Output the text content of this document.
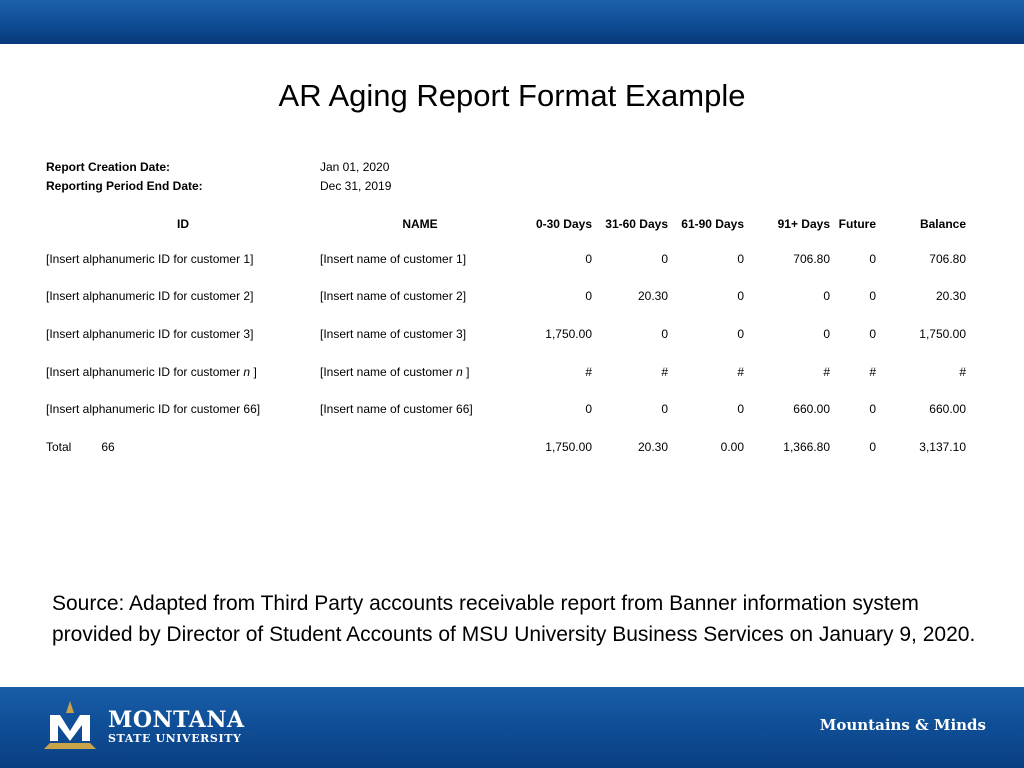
AR Aging Report Format Example
Report Creation Date:	Jan 01, 2020
Reporting Period End Date:	Dec 31, 2019
ID	NAME	0-30 Days	31-60 Days	61-90 Days	91+ Days	Future	Balance
[Insert alphanumeric ID for customer 1]	[Insert name of customer 1]	0	0	0	706.80	0	706.80
[Insert alphanumeric ID for customer 2]	[Insert name of customer 2]	0	20.30	0	0	0	20.30
[Insert alphanumeric ID for customer 3]	[Insert name of customer 3]	1,750.00	0	0	0	0	1,750.00
[Insert alphanumeric ID for customer n ]	[Insert name of customer n ]	#	#	#	#	#	#
[Insert alphanumeric ID for customer 66]	[Insert name of customer 66]	0	0	0	660.00	0	660.00
Total 66		1,750.00	20.30	0.00	1,366.80	0	3,137.10
Source: Adapted from Third Party accounts receivable report from Banner information system provided by Director of Student Accounts of MSU University Business Services on January 9, 2020.
MONTANA
STATE UNIVERSITY
Mountains & Minds
